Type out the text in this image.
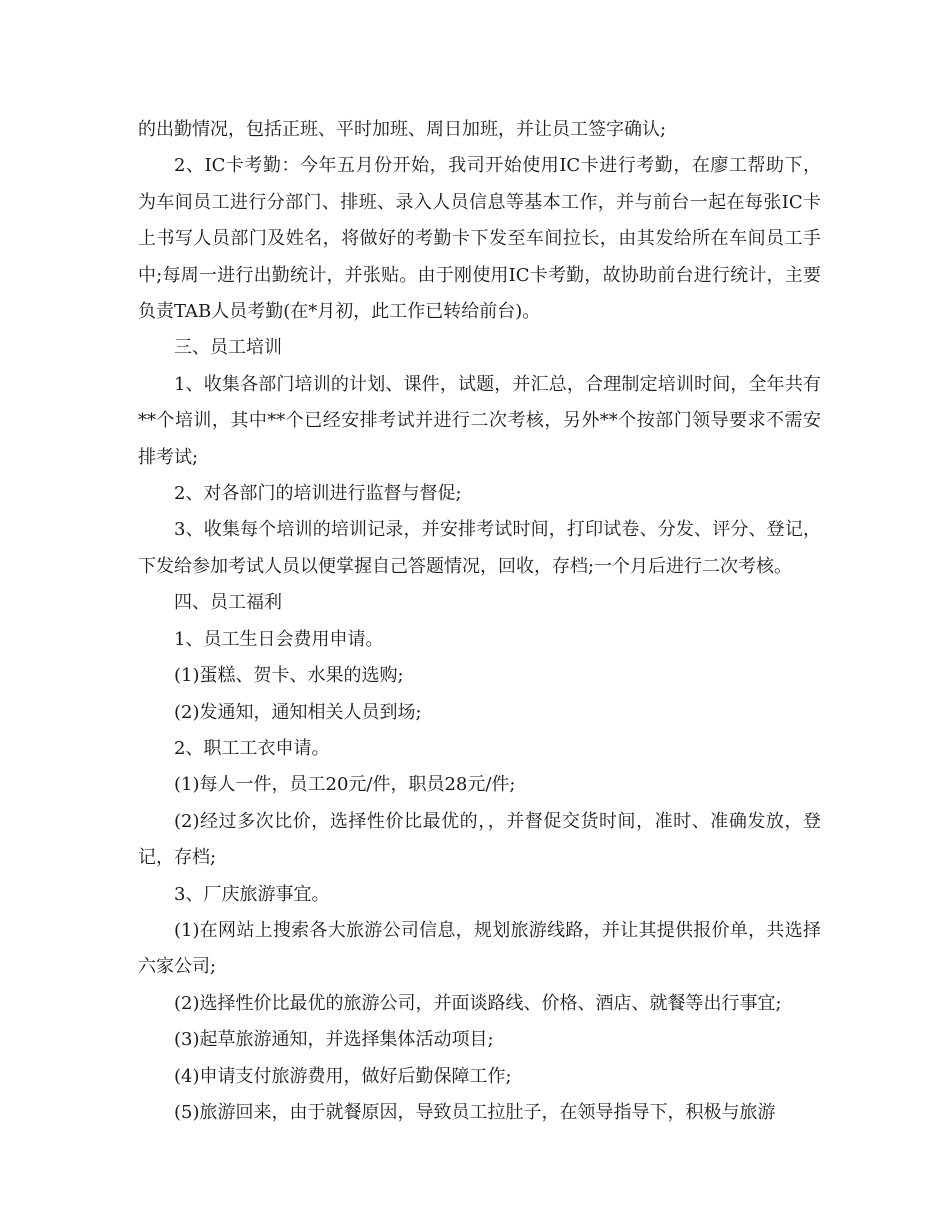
的出勤情况，包括正班、平时加班、周日加班，并让员工签字确认;

2、IC卡考勤：今年五月份开始，我司开始使用IC卡进行考勤，在廖工帮助下，为车间员工进行分部门、排班、录入人员信息等基本工作，并与前台一起在每张IC卡上书写人员部门及姓名，将做好的考勤卡下发至车间拉长，由其发给所在车间员工手中;每周一进行出勤统计，并张贴。由于刚使用IC卡考勤，故协助前台进行统计，主要负责TAB人员考勤(在*月初，此工作已转给前台)。

三、员工培训

1、收集各部门培训的计划、课件，试题，并汇总，合理制定培训时间，全年共有**个培训，其中**个已经安排考试并进行二次考核，另外**个按部门领导要求不需安排考试;

2、对各部门的培训进行监督与督促;

3、收集每个培训的培训记录，并安排考试时间，打印试卷、分发、评分、登记，下发给参加考试人员以便掌握自己答题情况，回收，存档;一个月后进行二次考核。

四、员工福利

1、员工生日会费用申请。

(1)蛋糕、贺卡、水果的选购;

(2)发通知，通知相关人员到场;

2、职工工衣申请。

(1)每人一件，员工20元/件，职员28元/件;

(2)经过多次比价，选择性价比最优的，，并督促交货时间，准时、准确发放，登记，存档;

3、厂庆旅游事宜。

(1)在网站上搜索各大旅游公司信息，规划旅游线路，并让其提供报价单，共选择六家公司;

(2)选择性价比最优的旅游公司，并面谈路线、价格、酒店、就餐等出行事宜;

(3)起草旅游通知，并选择集体活动项目;

(4)申请支付旅游费用，做好后勤保障工作;

(5)旅游回来，由于就餐原因，导致员工拉肚子，在领导指导下，积极与旅游
